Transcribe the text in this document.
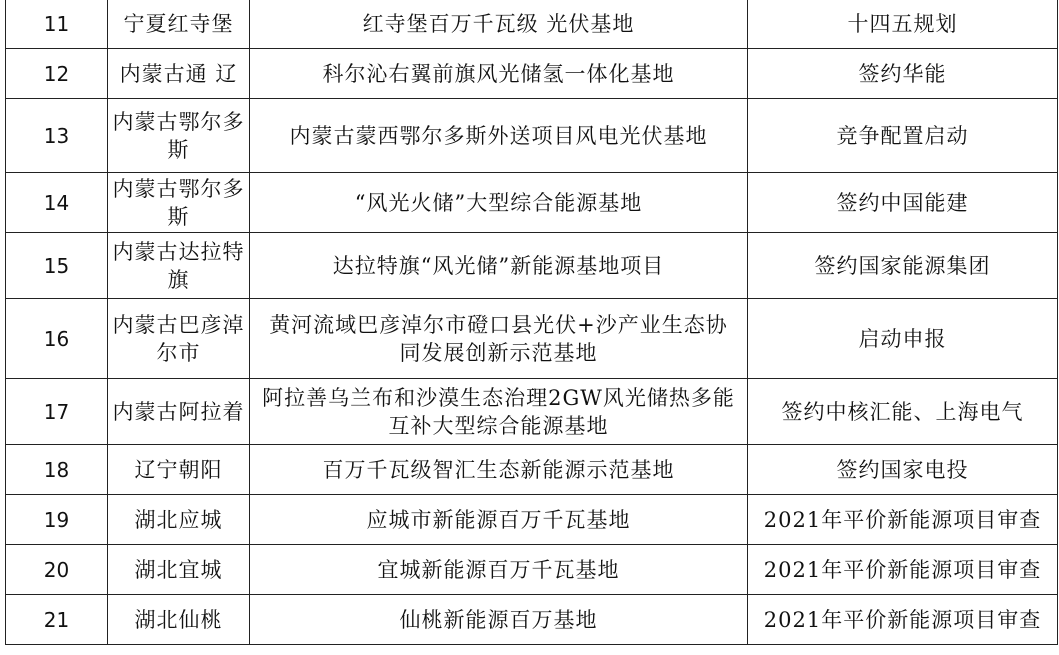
11	宁夏红寺堡	红寺堡百万千瓦级 光伏基地	十四五规划
12	内蒙古通 辽	科尔沁右翼前旗风光储氢一体化基地	签约华能
13	内蒙古鄂尔多斯	内蒙古蒙西鄂尔多斯外送项目风电光伏基地	竞争配置启动
14	内蒙古鄂尔多斯	“风光火储”大型综合能源基地	签约中国能建
15	内蒙古达拉特旗	达拉特旗“风光储”新能源基地项目	签约国家能源集团
16	内蒙古巴彦淖尔市	黄河流域巴彦淖尔市磴口县光伏+沙产业生态协同发展创新示范基地	启动申报
17	内蒙古阿拉着	阿拉善乌兰布和沙漠生态治理2GW风光储热多能互补大型综合能源基地	签约中核汇能、上海电气
18	辽宁朝阳	百万千瓦级智汇生态新能源示范基地	签约国家电投
19	湖北应城	应城市新能源百万千瓦基地	2021年平价新能源项目审查
20	湖北宜城	宜城新能源百万千瓦基地	2021年平价新能源项目审查
21	湖北仙桃	仙桃新能源百万基地	2021年平价新能源项目审查
